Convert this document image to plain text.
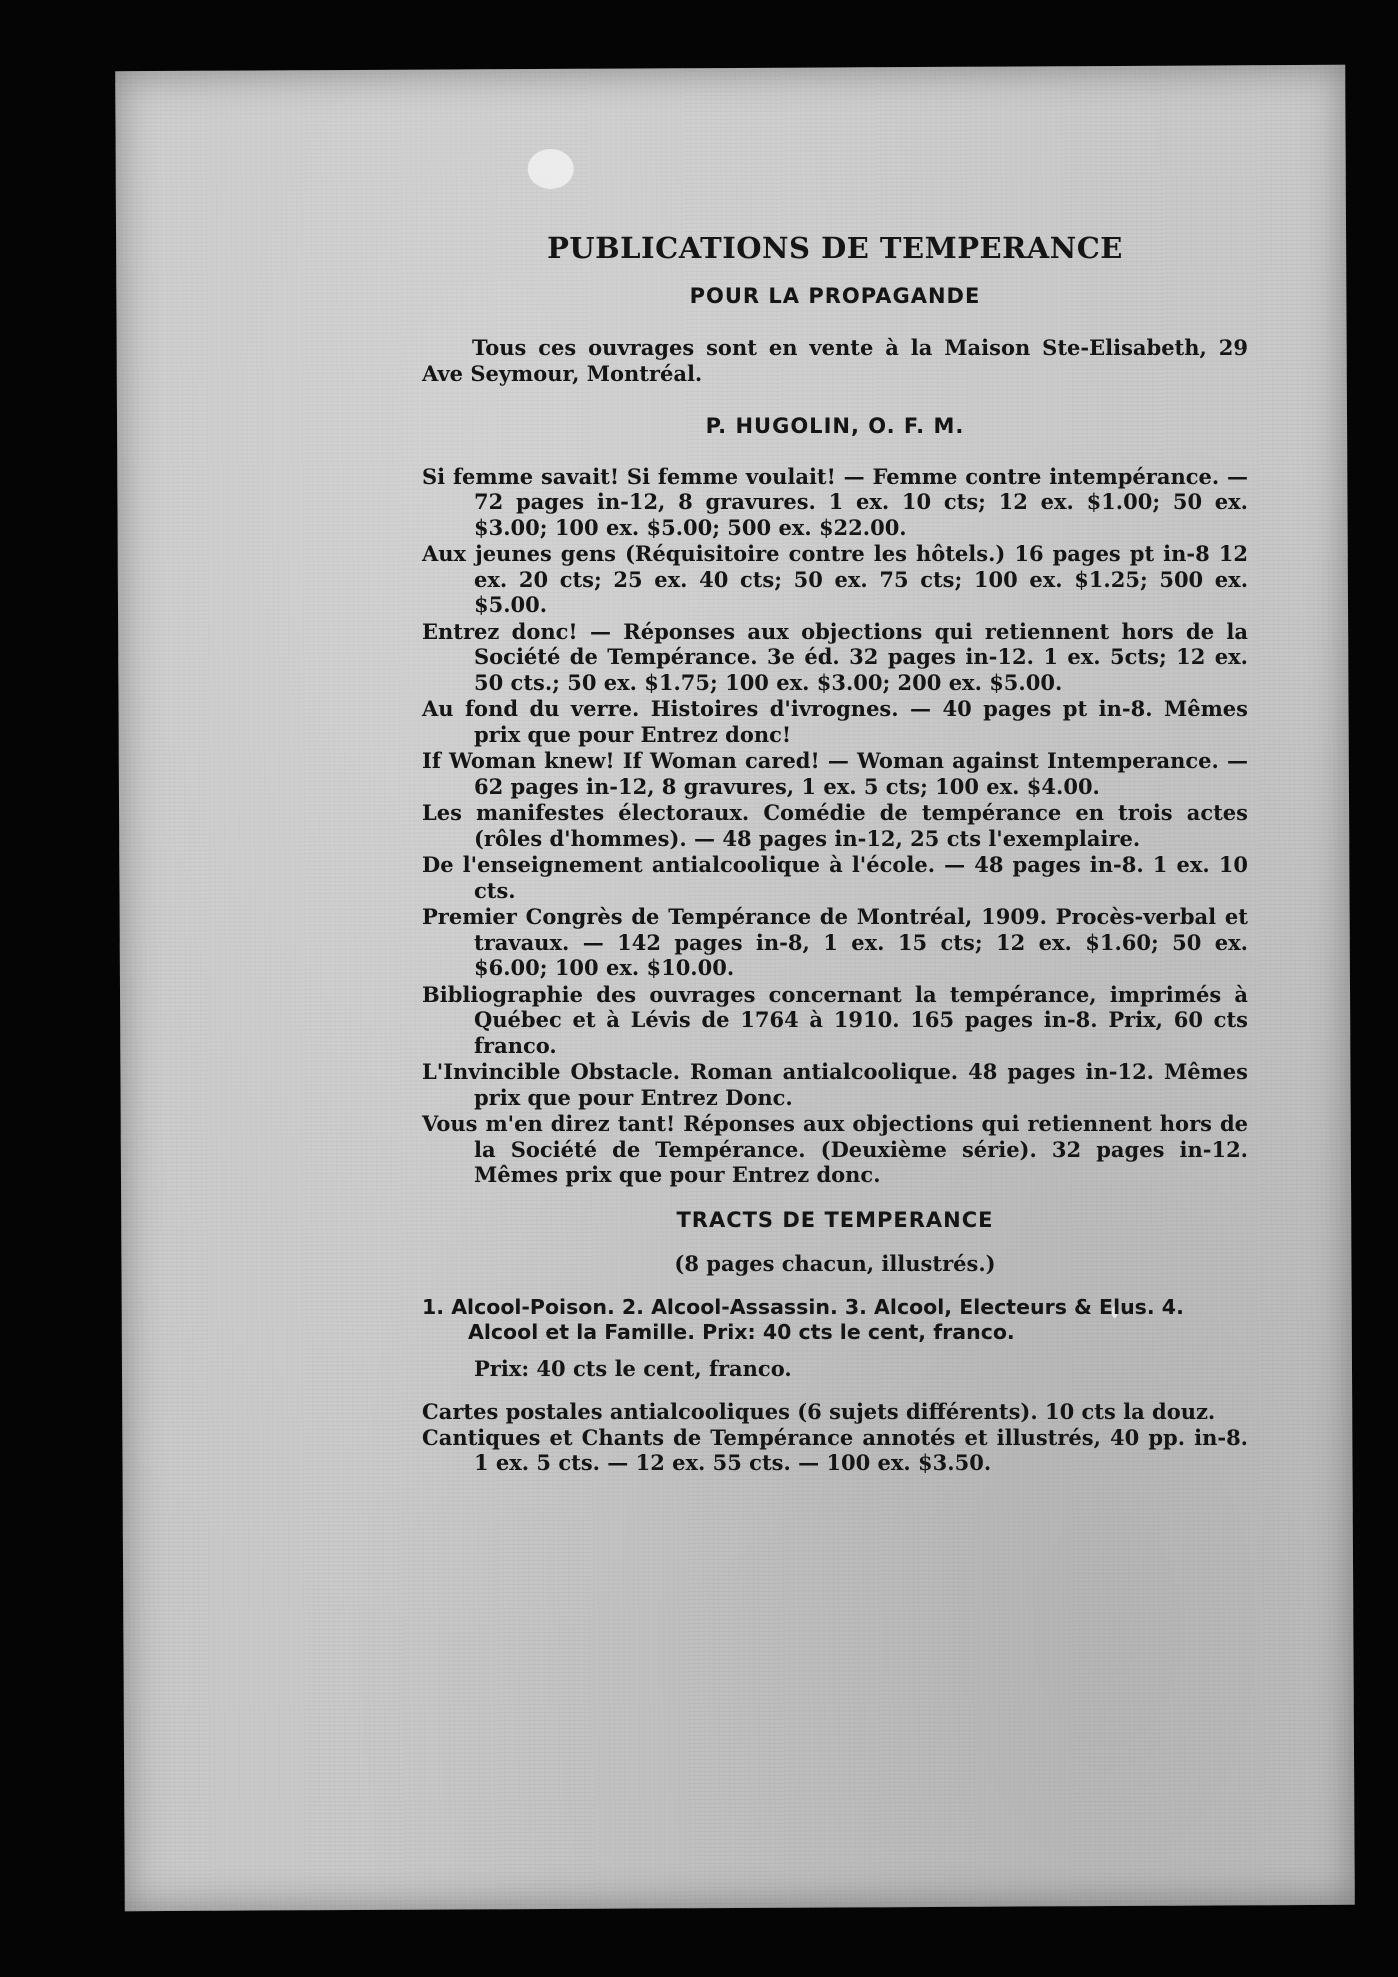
PUBLICATIONS DE TEMPERANCE
POUR LA PROPAGANDE

Tous ces ouvrages sont en vente à la Maison Ste-Elisabeth, 29 Ave Seymour, Montréal.

P. HUGOLIN, O. F. M.

Si femme savait! Si femme voulait! — Femme contre intempérance. — 72 pages in-12, 8 gravures. 1 ex. 10 cts; 12 ex. $1.00; 50 ex. $3.00; 100 ex. $5.00; 500 ex. $22.00.

Aux jeunes gens (Réquisitoire contre les hôtels.) 16 pages pt in-8 12 ex. 20 cts; 25 ex. 40 cts; 50 ex. 75 cts; 100 ex. $1.25; 500 ex. $5.00.

Entrez donc! — Réponses aux objections qui retiennent hors de la Société de Tempérance. 3e éd. 32 pages in-12. 1 ex. 5cts; 12 ex. 50 cts.; 50 ex. $1.75; 100 ex. $3.00; 200 ex. $5.00.

Au fond du verre. Histoires d'ivrognes. — 40 pages pt in-8. Mêmes prix que pour Entrez donc!

If Woman knew! If Woman cared! — Woman against Intemperance. —62 pages in-12, 8 gravures, 1 ex. 5 cts; 100 ex. $4.00.

Les manifestes électoraux. Comédie de tempérance en trois actes (rôles d'hommes). — 48 pages in-12, 25 cts l'exemplaire.

De l'enseignement antialcoolique à l'école. — 48 pages in-8. 1 ex. 10 cts.

Premier Congrès de Tempérance de Montréal, 1909. Procès-verbal et travaux. — 142 pages in-8, 1 ex. 15 cts; 12 ex. $1.60; 50 ex. $6.00; 100 ex. $10.00.

Bibliographie des ouvrages concernant la tempérance, imprimés à Québec et à Lévis de 1764 à 1910. 165 pages in-8. Prix, 60 cts franco.

L'Invincible Obstacle. Roman antialcoolique. 48 pages in-12. Mêmes prix que pour Entrez Donc.

Vous m'en direz tant! Réponses aux objections qui retiennent hors de la Société de Tempérance. (Deuxième série). 32 pages in-12. Mêmes prix que pour Entrez donc.

TRACTS DE TEMPERANCE
(8 pages chacun, illustrés.)

1. Alcool-Poison. 2. Alcool-Assassin. 3. Alcool, Electeurs & Elus. 4. Alcool et la Famille. Prix: 40 cts le cent, franco.

Prix: 40 cts le cent, franco.

Cartes postales antialcooliques (6 sujets différents). 10 cts la douz.

Cantiques et Chants de Tempérance annotés et illustrés, 40 pp. in-8. 1 ex. 5 cts. — 12 ex. 55 cts. — 100 ex. $3.50.
